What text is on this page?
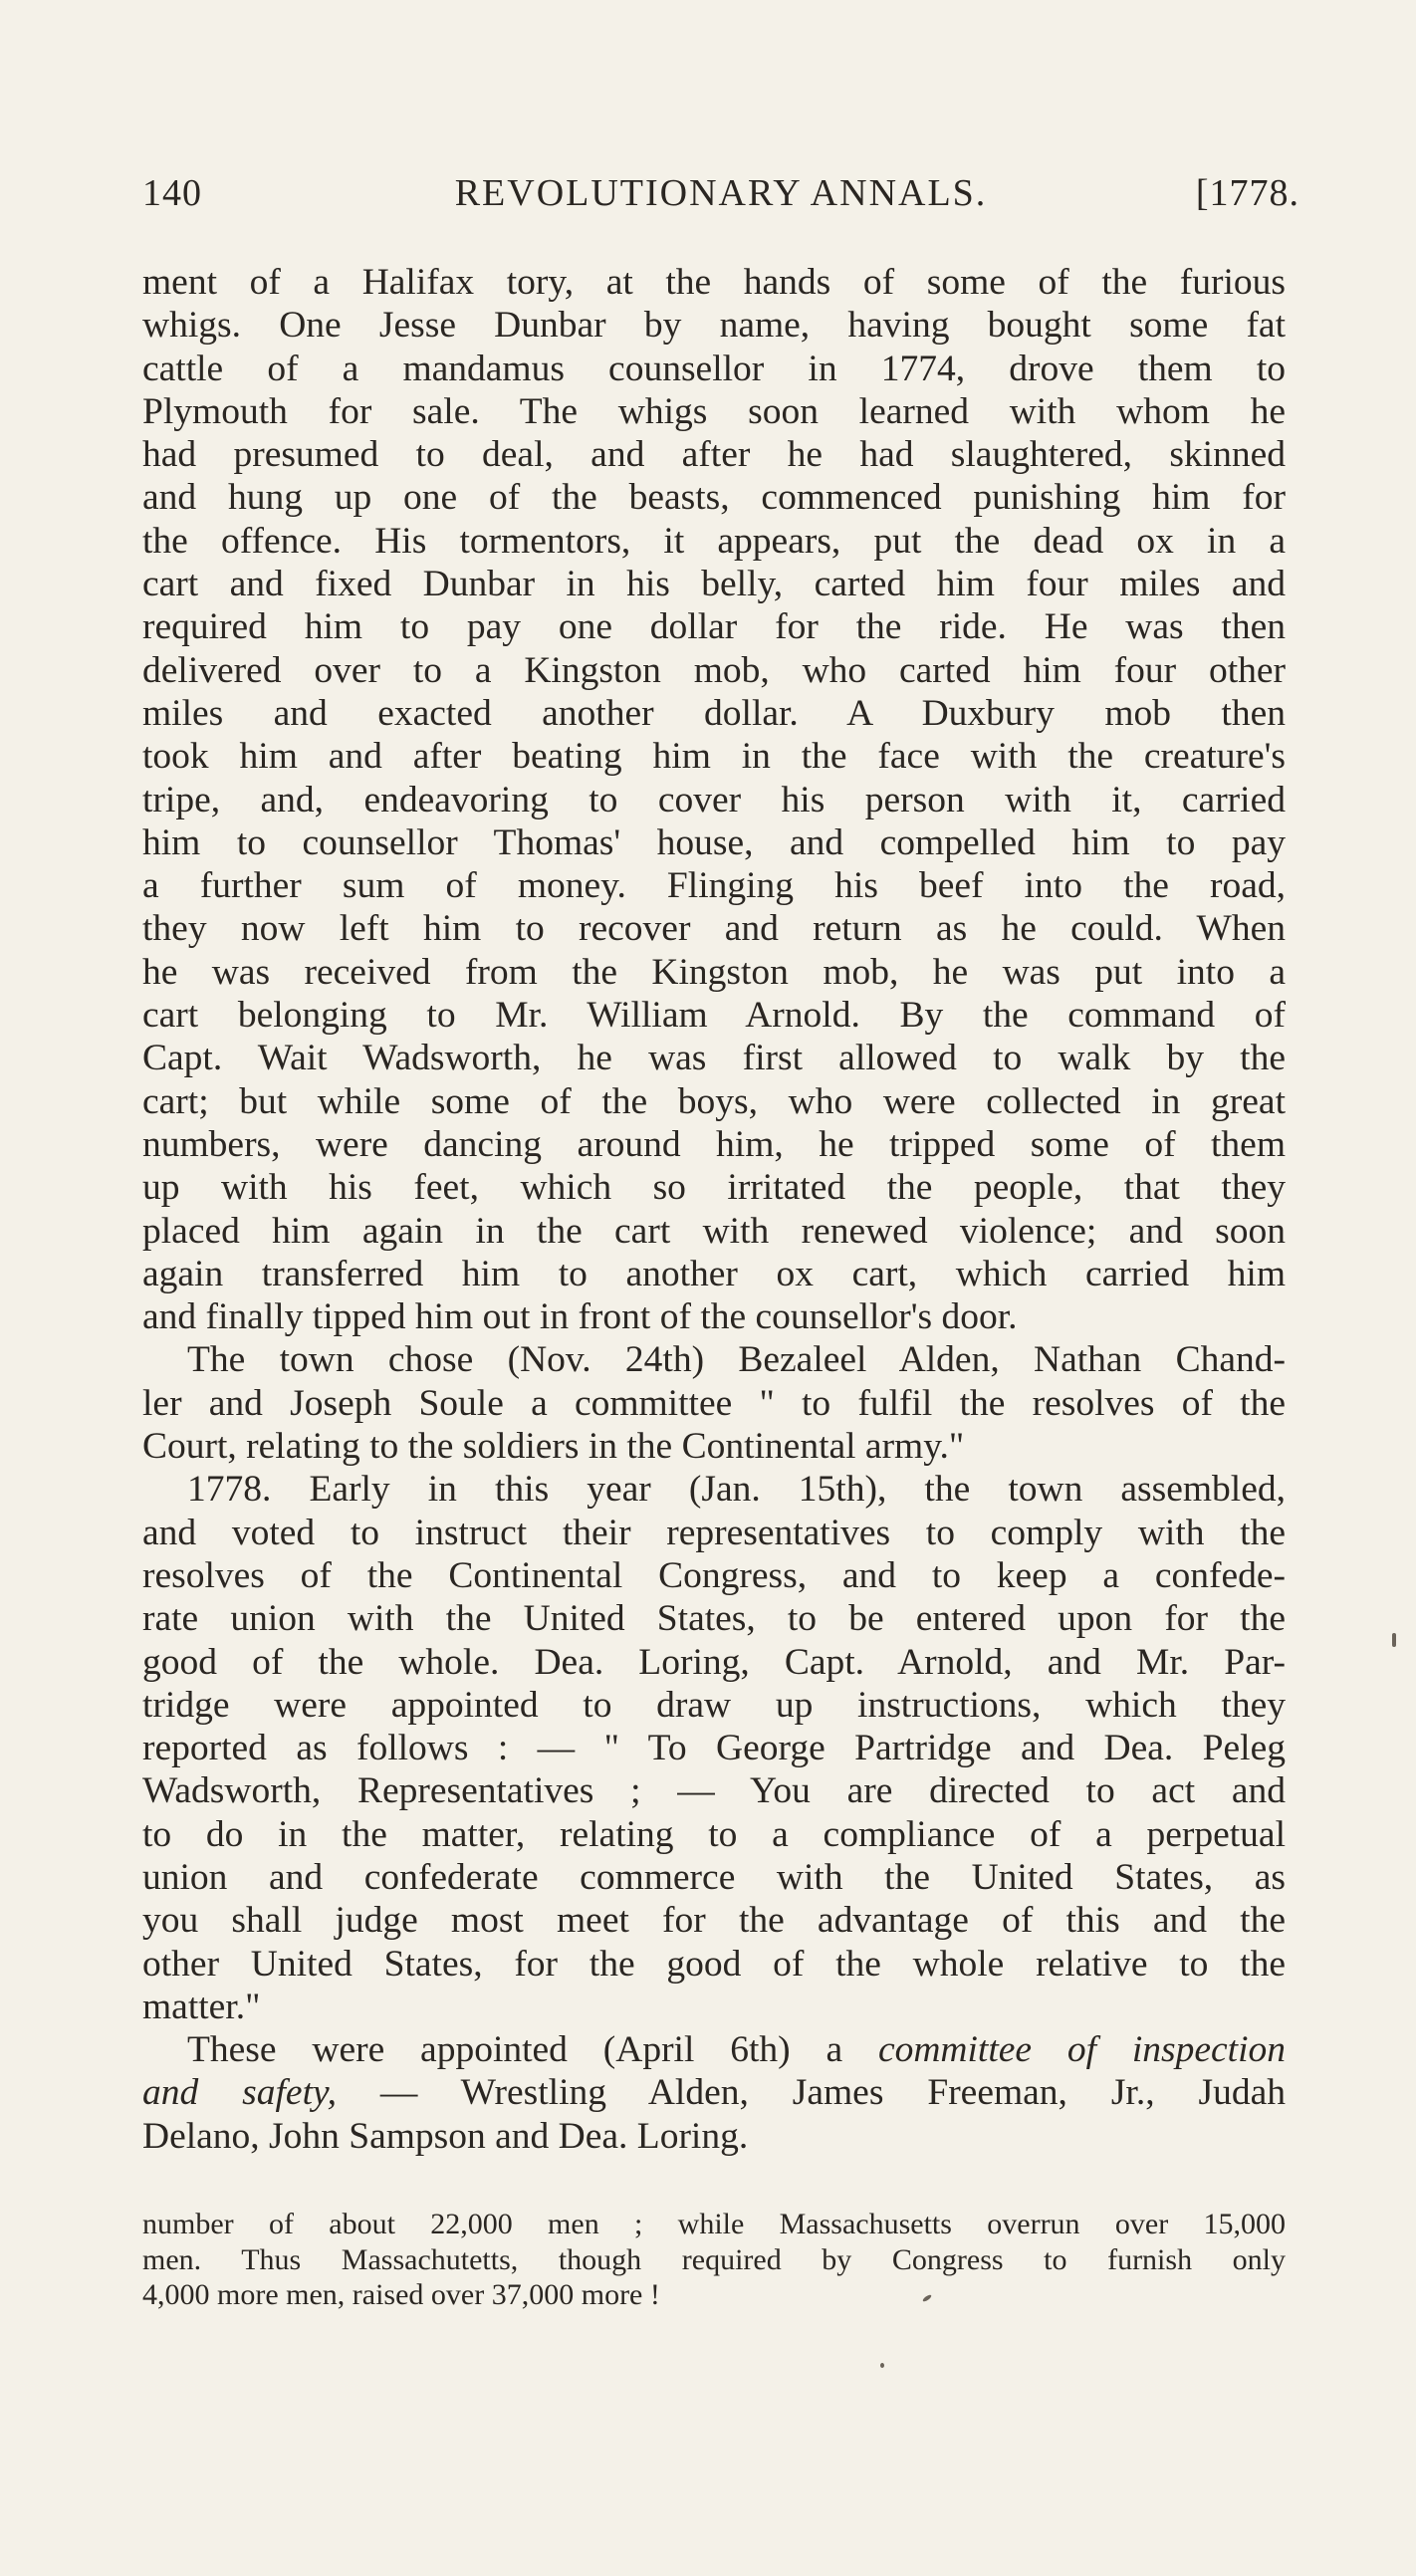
140	REVOLUTIONARY ANNALS.	[1778.
ment of a Halifax tory, at the hands of some of the furious
whigs. One Jesse Dunbar by name, having bought some fat
cattle of a mandamus counsellor in 1774, drove them to
Plymouth for sale. The whigs soon learned with whom he
had presumed to deal, and after he had slaughtered, skinned
and hung up one of the beasts, commenced punishing him for
the offence. His tormentors, it appears, put the dead ox in a
cart and fixed Dunbar in his belly, carted him four miles and
required him to pay one dollar for the ride. He was then
delivered over to a Kingston mob, who carted him four other
miles and exacted another dollar. A Duxbury mob then
took him and after beating him in the face with the creature's
tripe, and, endeavoring to cover his person with it, carried
him to counsellor Thomas' house, and compelled him to pay
a further sum of money. Flinging his beef into the road,
they now left him to recover and return as he could. When
he was received from the Kingston mob, he was put into a
cart belonging to Mr. William Arnold. By the command of
Capt. Wait Wadsworth, he was first allowed to walk by the
cart; but while some of the boys, who were collected in great
numbers, were dancing around him, he tripped some of them
up with his feet, which so irritated the people, that they
placed him again in the cart with renewed violence; and soon
again transferred him to another ox cart, which carried him
and finally tipped him out in front of the counsellor's door.
The town chose (Nov. 24th) Bezaleel Alden, Nathan Chand-
ler and Joseph Soule a committee " to fulfil the resolves of the
Court, relating to the soldiers in the Continental army."
1778. Early in this year (Jan. 15th), the town assembled,
and voted to instruct their representatives to comply with the
resolves of the Continental Congress, and to keep a confede-
rate union with the United States, to be entered upon for the
good of the whole. Dea. Loring, Capt. Arnold, and Mr. Par-
tridge were appointed to draw up instructions, which they
reported as follows : — " To George Partridge and Dea. Peleg
Wadsworth, Representatives ; — You are directed to act and
to do in the matter, relating to a compliance of a perpetual
union and confederate commerce with the United States, as
you shall judge most meet for the advantage of this and the
other United States, for the good of the whole relative to the
matter."
These were appointed (April 6th) a committee of inspection
and safety, — Wrestling Alden, James Freeman, Jr., Judah
Delano, John Sampson and Dea. Loring.
number of about 22,000 men ; while Massachusetts overrun over 15,000
men. Thus Massachutetts, though required by Congress to furnish only
4,000 more men, raised over 37,000 more !
